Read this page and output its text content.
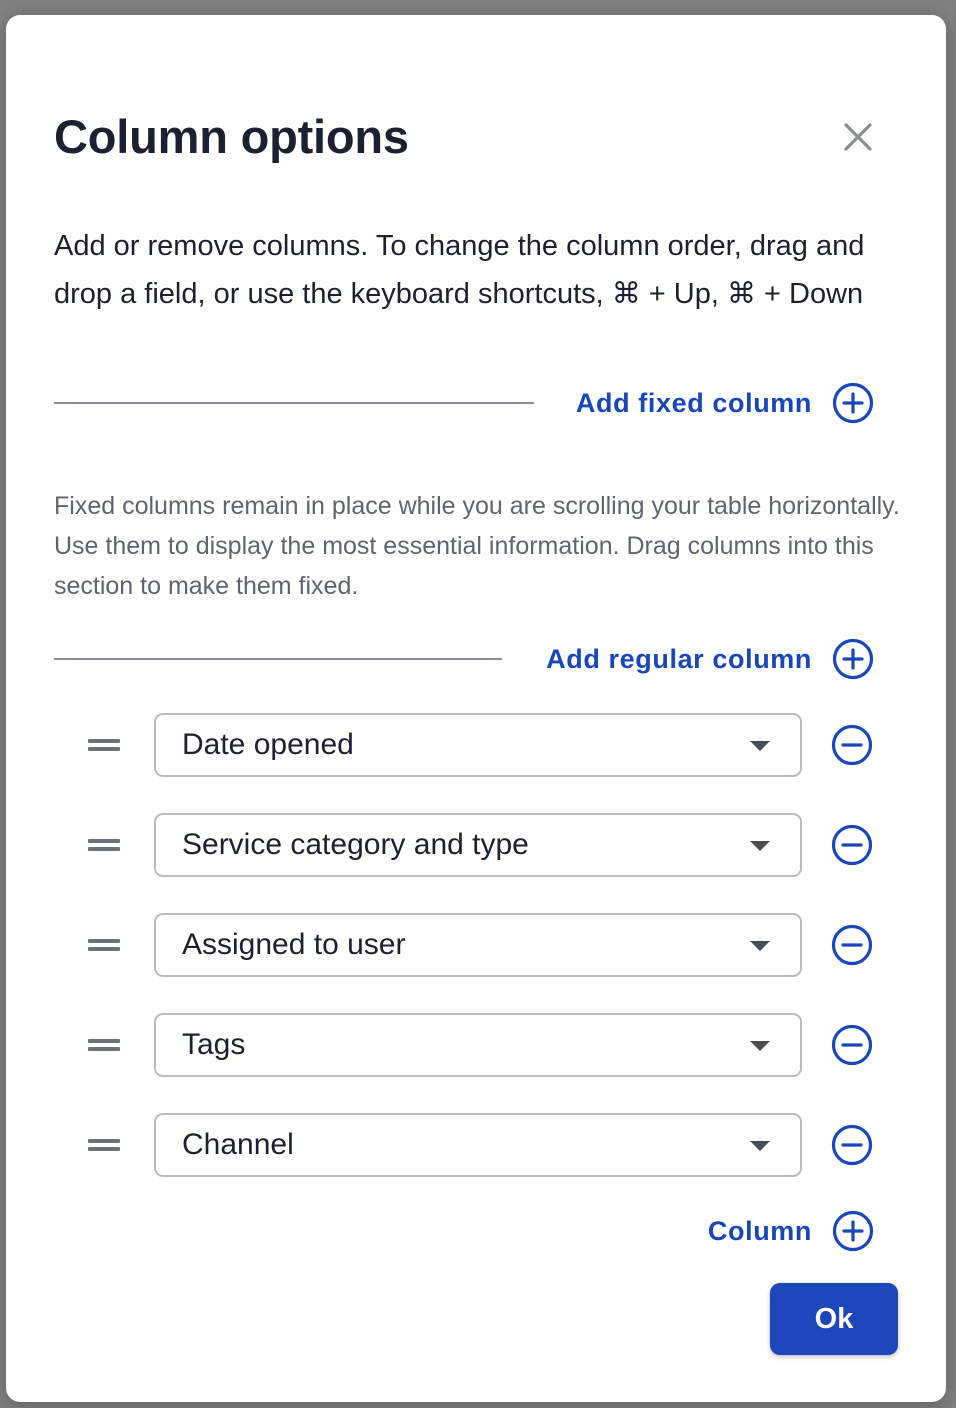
Column options

Add or remove columns. To change the column order, drag and drop a field, or use the keyboard shortcuts, ⌘ + Up, ⌘ + Down

Add fixed column

Fixed columns remain in place while you are scrolling your table horizontally. Use them to display the most essential information. Drag columns into this section to make them fixed.

Add regular column
Date opened
Service category and type
Assigned to user
Tags
Channel
Column
Ok
